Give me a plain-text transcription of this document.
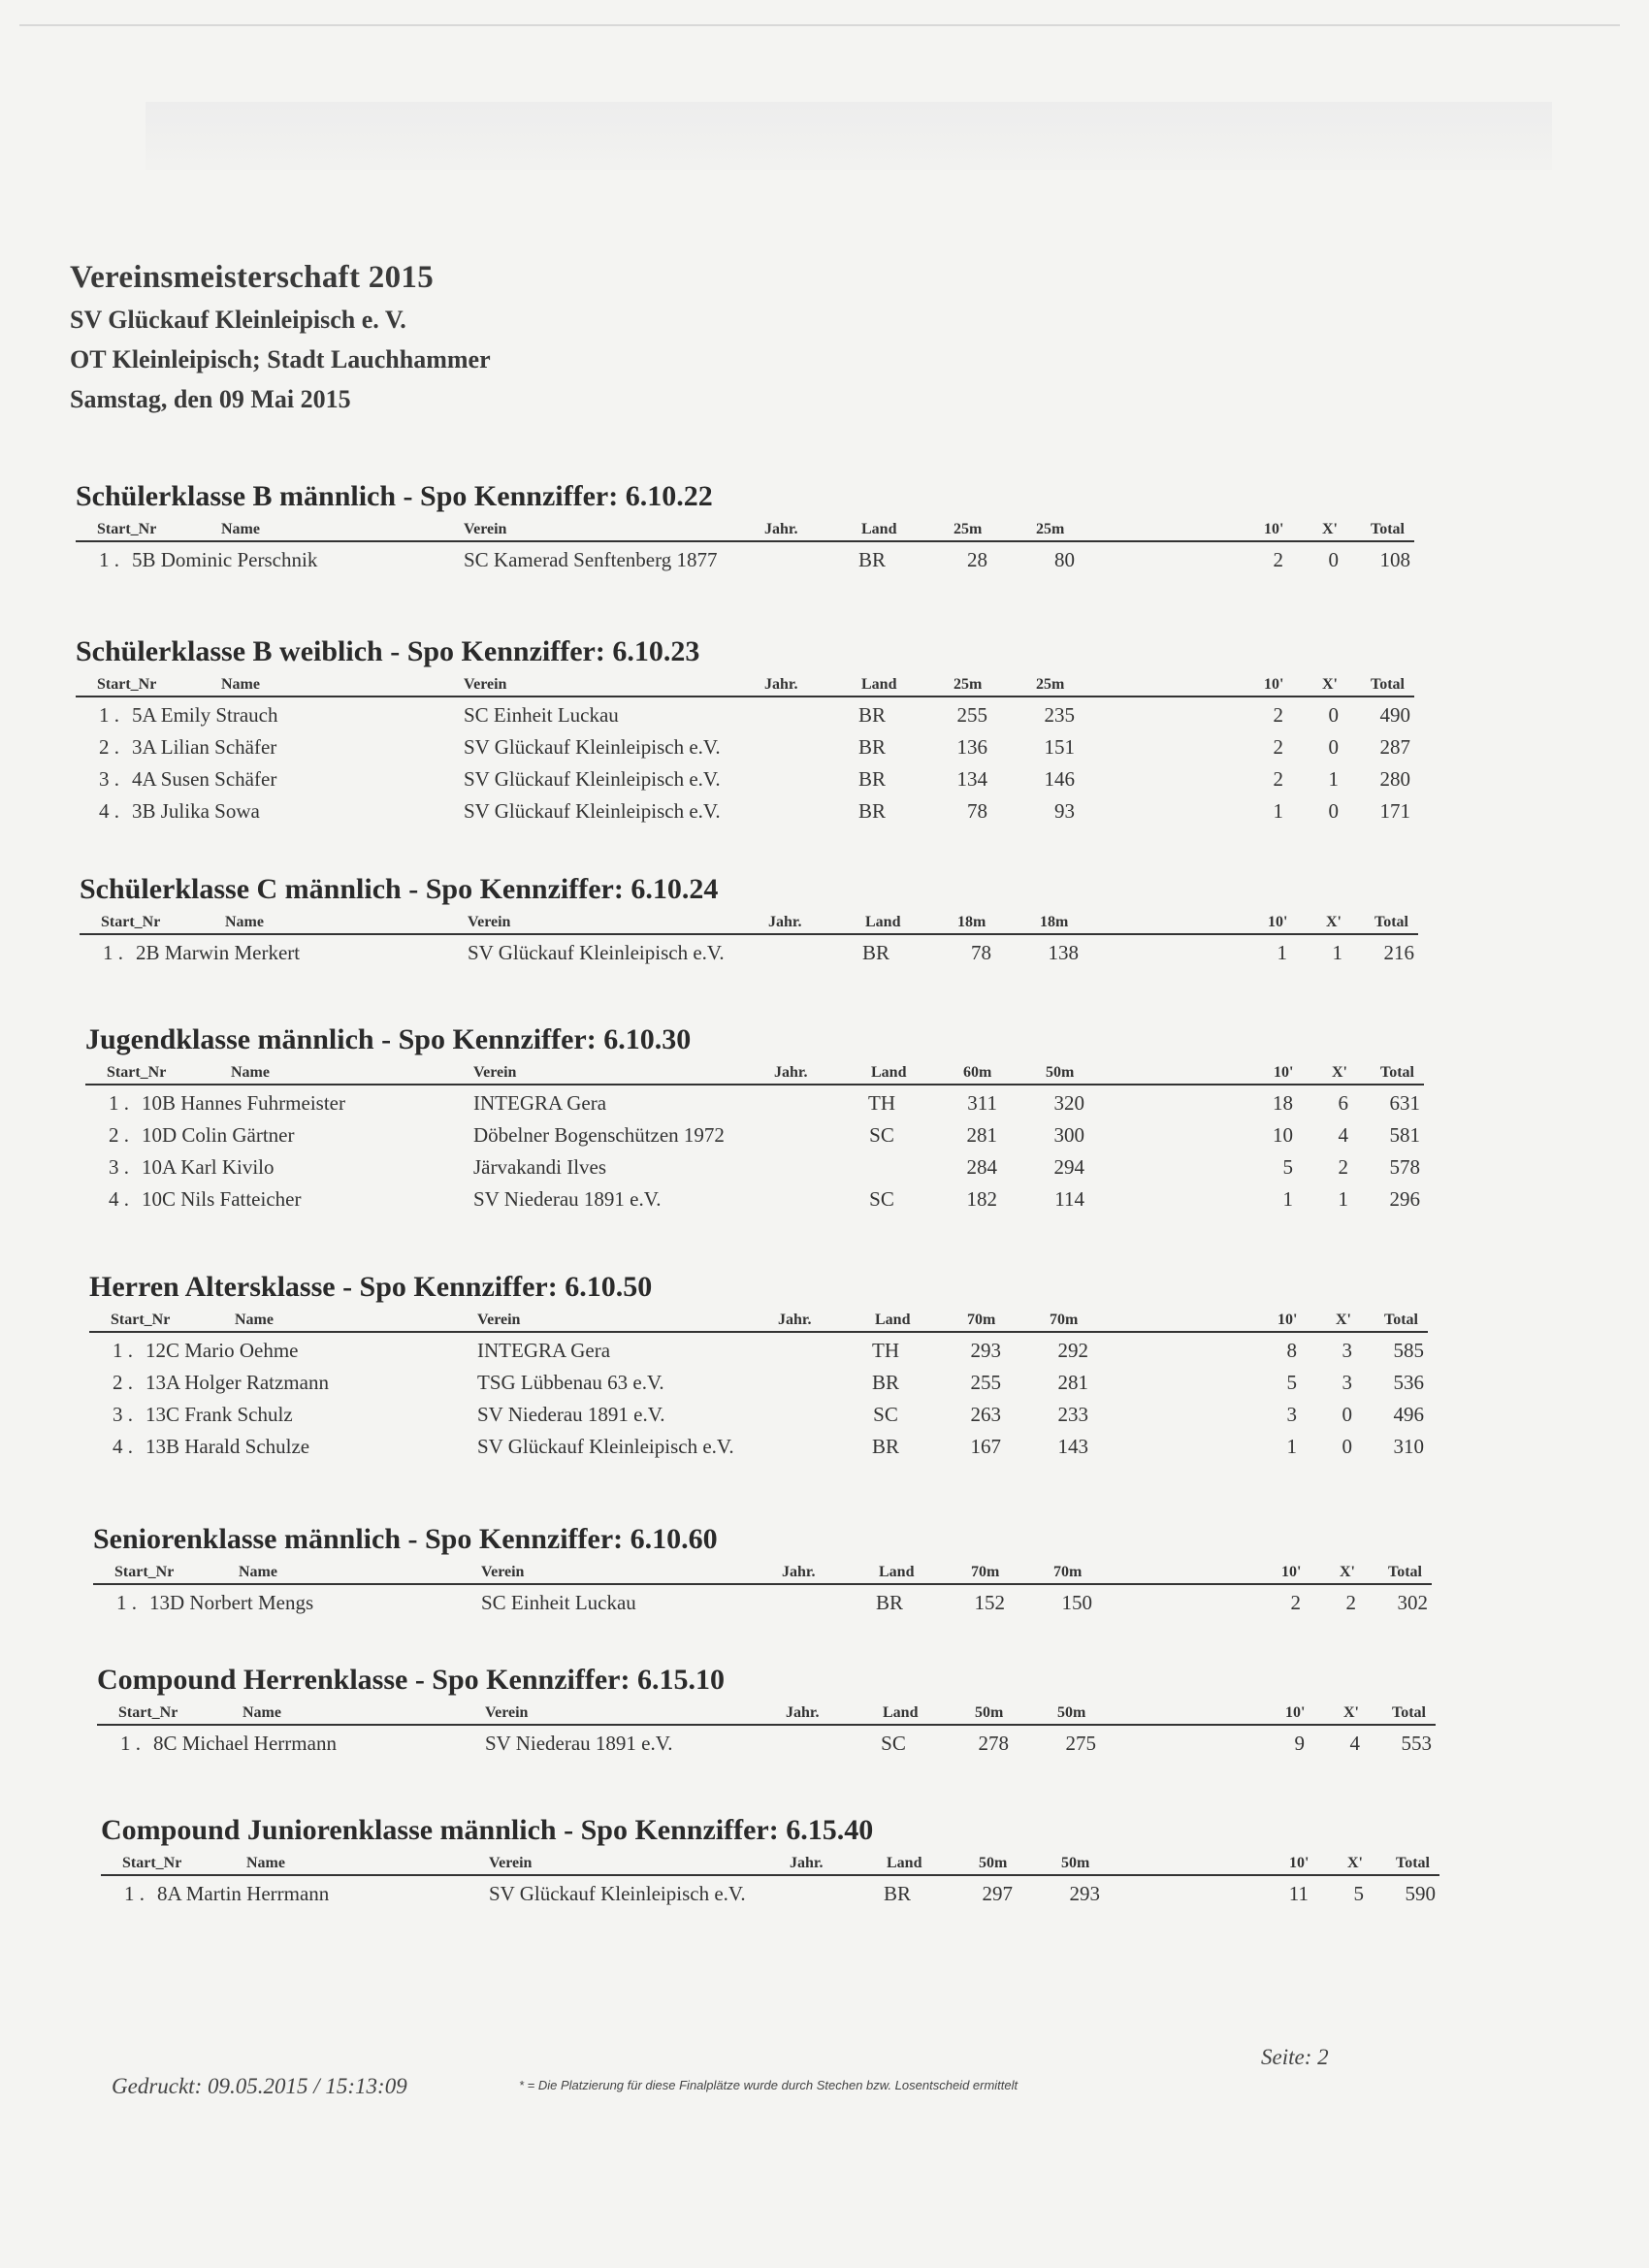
Vereinsmeisterschaft 2015
SV Glückauf Kleinleipisch e. V.
OT Kleinleipisch; Stadt Lauchhammer
Samstag, den 09 Mai 2015
Schülerklasse B männlich - Spo Kennziffer: 6.10.22
Start_Nr	Name	Verein	Jahr.	Land	25m	25m	10' X' Total
1 . 5B Dominic Perschnik	SC Kamerad Senftenberg 1877	BR	28	80	2	0	108
Schülerklasse B weiblich - Spo Kennziffer: 6.10.23
Start_Nr	Name	Verein	Jahr.	Land	25m	25m	10' X' Total
1 . 5A Emily Strauch	SC Einheit Luckau	BR	255	235	2	0	490
2 . 3A Lilian Schäfer	SV Glückauf Kleinleipisch e.V.	BR	136	151	2	0	287
3 . 4A Susen Schäfer	SV Glückauf Kleinleipisch e.V.	BR	134	146	2	1	280
4 . 3B Julika Sowa	SV Glückauf Kleinleipisch e.V.	BR	78	93	1	0	171
Schülerklasse C männlich - Spo Kennziffer: 6.10.24
Start_Nr	Name	Verein	Jahr.	Land	18m	18m	10' X' Total
1 . 2B Marwin Merkert	SV Glückauf Kleinleipisch e.V.	BR	78	138	1	1	216
Jugendklasse männlich - Spo Kennziffer: 6.10.30
Start_Nr	Name	Verein	Jahr.	Land	60m	50m	10' X' Total
1 . 10B Hannes Fuhrmeister	INTEGRA Gera	TH	311	320	18	6	631
2 . 10D Colin Gärtner	Döbelner Bogenschützen 1972	SC	281	300	10	4	581
3 . 10A Karl Kivilo	Järvakandi Ilves	284	294	5	2	578
4 . 10C Nils Fatteicher	SV Niederau 1891 e.V.	SC	182	114	1	1	296
Herren Altersklasse - Spo Kennziffer: 6.10.50
Start_Nr	Name	Verein	Jahr.	Land	70m	70m	10' X' Total
1 . 12C Mario Oehme	INTEGRA Gera	TH	293	292	8	3	585
2 . 13A Holger Ratzmann	TSG Lübbenau 63 e.V.	BR	255	281	5	3	536
3 . 13C Frank Schulz	SV Niederau 1891 e.V.	SC	263	233	3	0	496
4 . 13B Harald Schulze	SV Glückauf Kleinleipisch e.V.	BR	167	143	1	0	310
Seniorenklasse männlich - Spo Kennziffer: 6.10.60
Start_Nr	Name	Verein	Jahr.	Land	70m	70m	10' X' Total
1 . 13D Norbert Mengs	SC Einheit Luckau	BR	152	150	2	2	302
Compound Herrenklasse - Spo Kennziffer: 6.15.10
Start_Nr	Name	Verein	Jahr.	Land	50m	50m	10' X' Total
1 . 8C Michael Herrmann	SV Niederau 1891 e.V.	SC	278	275	9	4	553
Compound Juniorenklasse männlich - Spo Kennziffer: 6.15.40
Start_Nr	Name	Verein	Jahr.	Land	50m	50m	10' X' Total
1 . 8A Martin Herrmann	SV Glückauf Kleinleipisch e.V.	BR	297	293	11	5	590
Gedruckt: 09.05.2015 / 15:13:09	* = Die Platzierung für diese Finalplätze wurde durch Stechen bzw. Losentscheid ermittelt
Seite: 2
